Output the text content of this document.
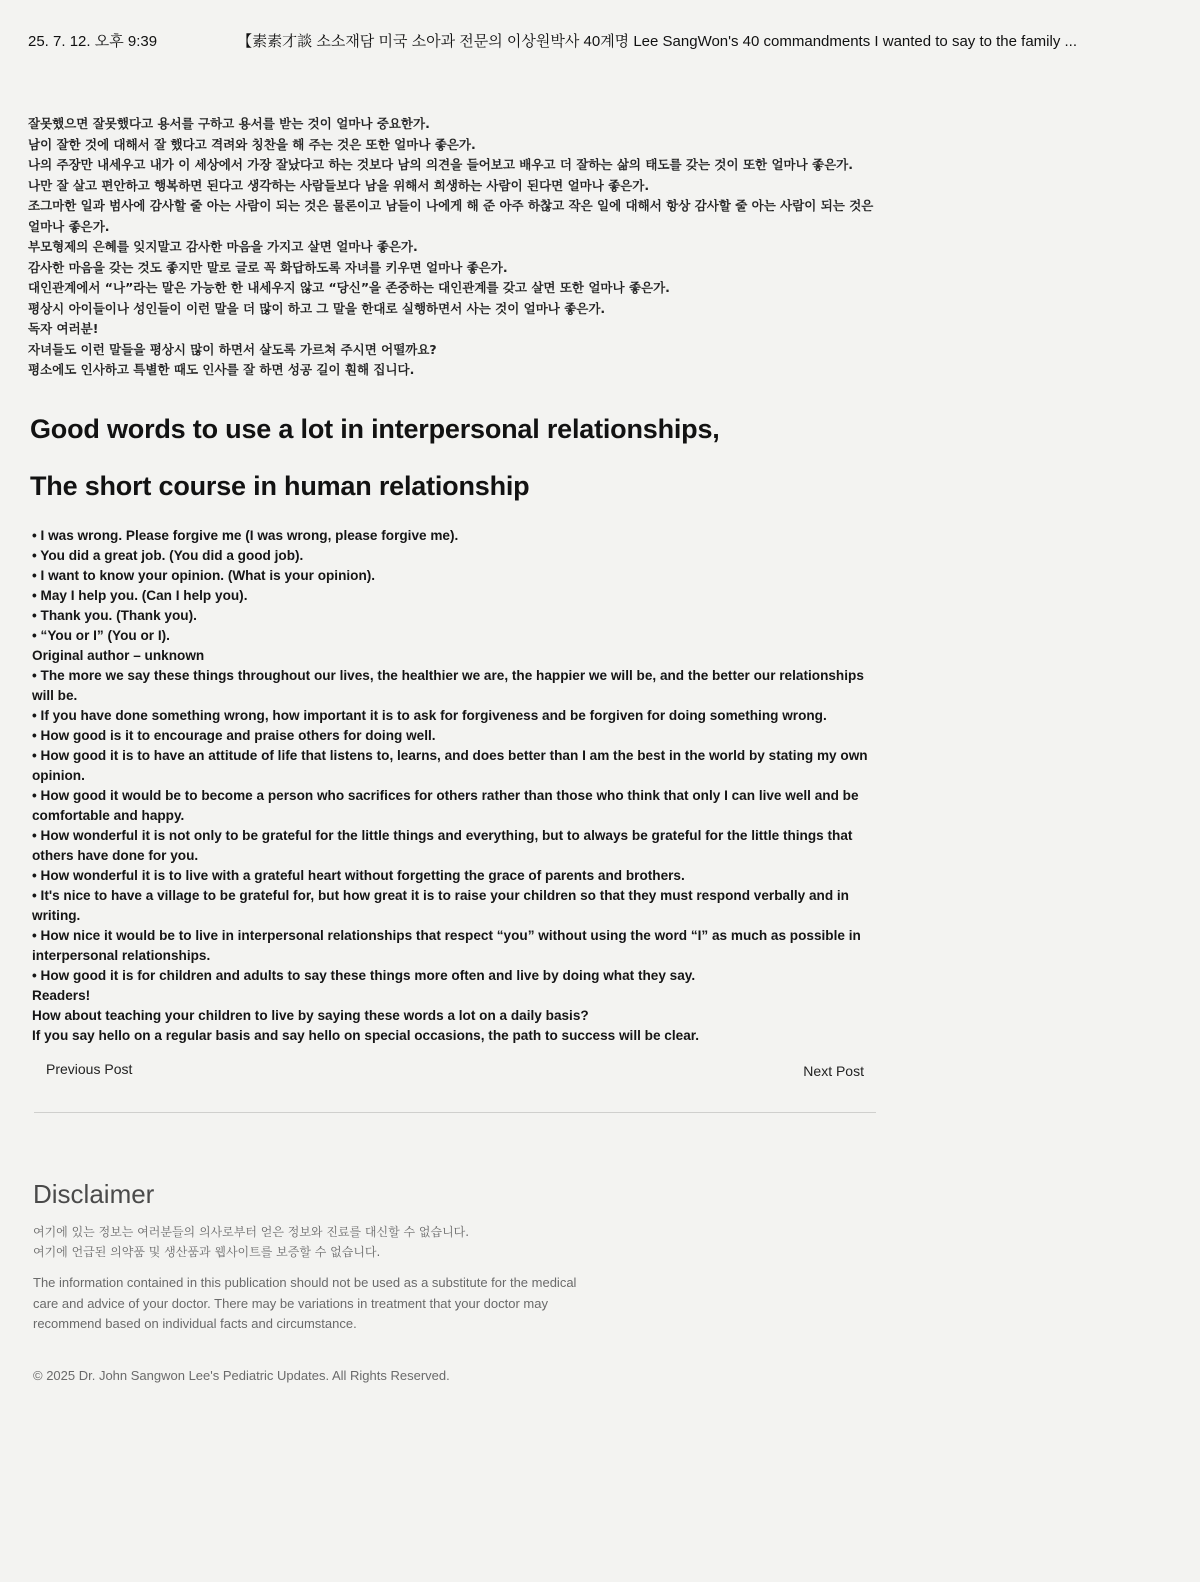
25. 7. 12. 오후 9:39	【素素才談 소소재담 미국 소아과 전문의 이상원박사 40계명 Lee SangWon's 40 commandments I wanted to say to the family ...

잘못했으면 잘못했다고 용서를 구하고 용서를 받는 것이 얼마나 중요한가.

남이 잘한 것에 대해서 잘 했다고 격려와 칭찬을 해 주는 것은 또한 얼마나 좋은가.

나의 주장만 내세우고 내가 이 세상에서 가장 잘났다고 하는 것보다 남의 의견을 들어보고 배우고 더 잘하는 삶의 태도를 갖는 것이 또한 얼마나 좋은가.

나만 잘 살고 편안하고 행복하면 된다고 생각하는 사람들보다 남을 위해서 희생하는 사람이 된다면 얼마나 좋은가.

조그마한 일과 범사에 감사할 줄 아는 사람이 되는 것은 물론이고 남들이 나에게 해 준 아주 하찮고 작은 일에 대해서 항상 감사할 줄 아는 사람이 되는 것은 얼마나 좋은가.

부모형제의 은혜를 잊지말고 감사한 마음을 가지고 살면 얼마나 좋은가.

감사한 마음을 갖는 것도 좋지만 말로 글로 꼭 화답하도록 자녀를 키우면 얼마나 좋은가.

대인관계에서 “나”라는 말은 가능한 한 내세우지 않고 “당신”을 존중하는 대인관계를 갖고 살면 또한 얼마나 좋은가.

평상시 아이들이나 성인들이 이런 말을 더 많이 하고 그 말을 한대로 실행하면서 사는 것이 얼마나 좋은가.

독자 여러분!

자녀들도 이런 말들을 평상시 많이 하면서 살도록 가르쳐 주시면 어떨까요?

평소에도 인사하고 특별한 때도 인사를 잘 하면 성공 길이 훤해 집니다.

Good words to use a lot in interpersonal relationships,
The short course in human relationship

• I was wrong. Please forgive me (I was wrong, please forgive me).

• You did a great job. (You did a good job).

• I want to know your opinion. (What is your opinion).

• May I help you. (Can I help you).

• Thank you. (Thank you).

• “You or I” (You or I).

Original author – unknown

• The more we say these things throughout our lives, the healthier we are, the happier we will be, and the better our relationships will be.

• If you have done something wrong, how important it is to ask for forgiveness and be forgiven for doing something wrong.

• How good is it to encourage and praise others for doing well.

• How good it is to have an attitude of life that listens to, learns, and does better than I am the best in the world by stating my own opinion.

• How good it would be to become a person who sacrifices for others rather than those who think that only I can live well and be comfortable and happy.

• How wonderful it is not only to be grateful for the little things and everything, but to always be grateful for the little things that others have done for you.

• How wonderful it is to live with a grateful heart without forgetting the grace of parents and brothers.

• It's nice to have a village to be grateful for, but how great it is to raise your children so that they must respond verbally and in writing.

• How nice it would be to live in interpersonal relationships that respect “you” without using the word “I” as much as possible in interpersonal relationships.

• How good it is for children and adults to say these things more often and live by doing what they say.

Readers!

How about teaching your children to live by saying these words a lot on a daily basis?

If you say hello on a regular basis and say hello on special occasions, the path to success will be clear.

Previous Post	Next Post
Disclaimer

여기에 있는 정보는 여러분들의 의사로부터 얻은 정보와 진료를 대신할 수 없습니다.

여기에 언급된 의약품 및 생산품과 웹사이트를 보증할 수 없습니다.

The information contained in this publication should not be used as a substitute for the medical care and advice of your doctor. There may be variations in treatment that your doctor may recommend based on individual facts and circumstance.

© 2025 Dr. John Sangwon Lee's Pediatric Updates. All Rights Reserved.
